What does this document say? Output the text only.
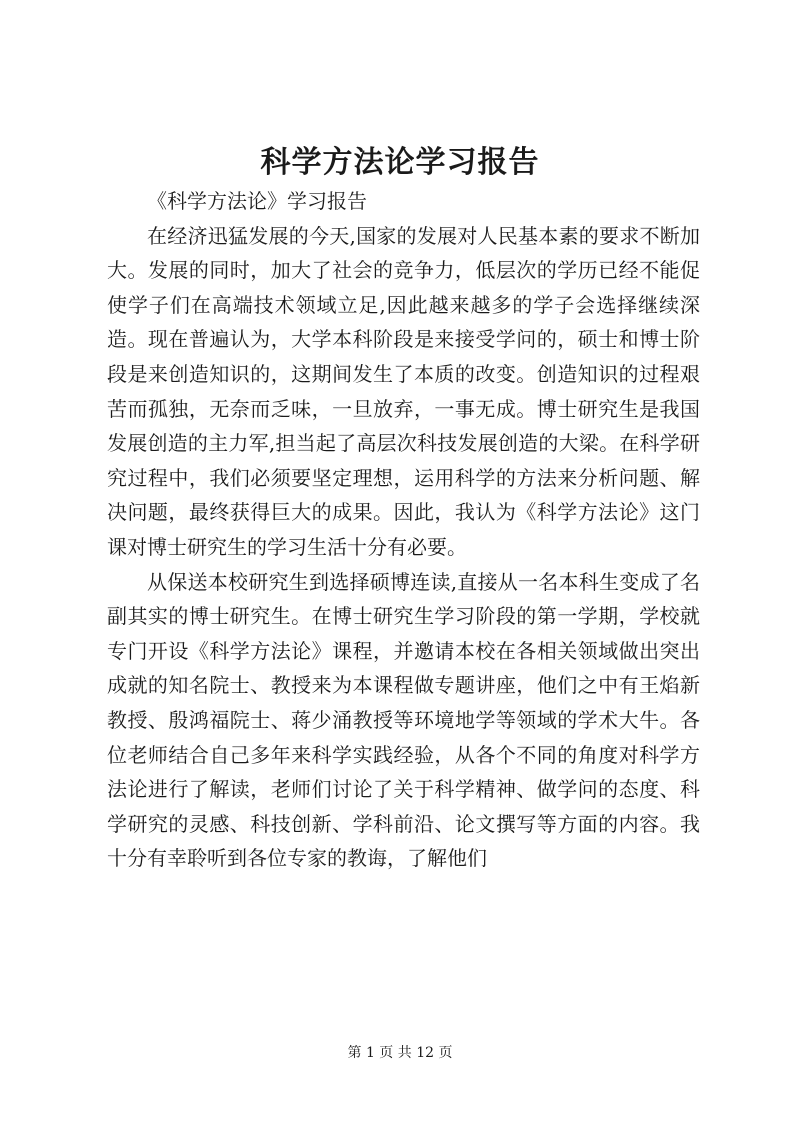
科学方法论学习报告

《科学方法论》学习报告

在经济迅猛发展的今天,国家的发展对人民基本素的要求不断加大。发展的同时，加大了社会的竞争力，低层次的学历已经不能促使学子们在高端技术领域立足,因此越来越多的学子会选择继续深造。现在普遍认为，大学本科阶段是来接受学问的，硕士和博士阶段是来创造知识的，这期间发生了本质的改变。创造知识的过程艰苦而孤独，无奈而乏味，一旦放弃，一事无成。博士研究生是我国发展创造的主力军,担当起了高层次科技发展创造的大梁。在科学研究过程中，我们必须要坚定理想，运用科学的方法来分析问题、解决问题，最终获得巨大的成果。因此，我认为《科学方法论》这门课对博士研究生的学习生活十分有必要。

从保送本校研究生到选择硕博连读,直接从一名本科生变成了名副其实的博士研究生。在博士研究生学习阶段的第一学期，学校就专门开设《科学方法论》课程，并邀请本校在各相关领域做出突出成就的知名院士、教授来为本课程做专题讲座，他们之中有王焰新教授、殷鸿福院士、蒋少涌教授等环境地学等领域的学术大牛。各位老师结合自己多年来科学实践经验，从各个不同的角度对科学方法论进行了解读，老师们讨论了关于科学精神、做学问的态度、科学研究的灵感、科技创新、学科前沿、论文撰写等方面的内容。我十分有幸聆听到各位专家的教诲，了解他们

第 1 页 共 12 页
